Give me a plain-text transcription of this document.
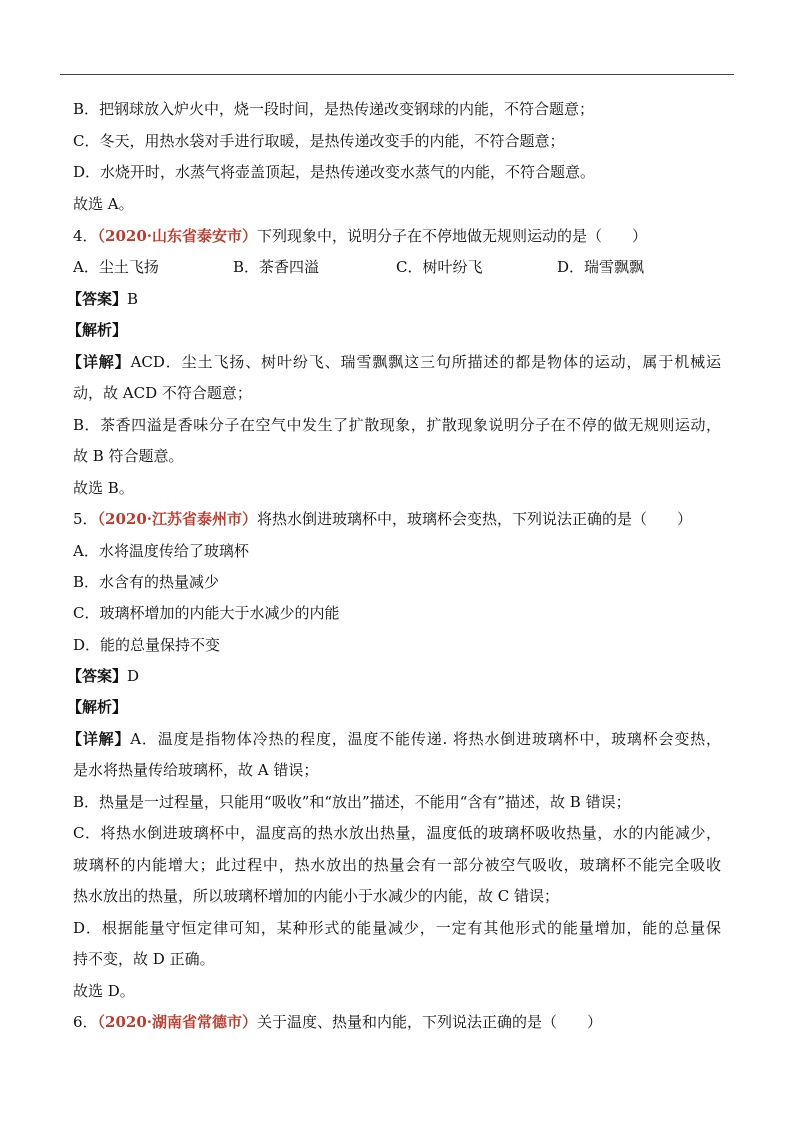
B．把钢球放入炉火中，烧一段时间，是热传递改变钢球的内能，不符合题意；
C．冬天，用热水袋对手进行取暖，是热传递改变手的内能，不符合题意；
D．水烧开时，水蒸气将壶盖顶起，是热传递改变水蒸气的内能，不符合题意。
故选 A。
4．（2020·山东省泰安市）下列现象中，说明分子在不停地做无规则运动的是（　　）
A．尘土飞扬	B．茶香四溢	C．树叶纷飞	D．瑞雪飘飘
【答案】B
【解析】
【详解】ACD．尘土飞扬、树叶纷飞、瑞雪飘飘这三句所描述的都是物体的运动，属于机械运
动，故 ACD 不符合题意；
B．茶香四溢是香味分子在空气中发生了扩散现象，扩散现象说明分子在不停的做无规则运动，
故 B 符合题意。
故选 B。
5．（2020·江苏省泰州市）将热水倒进玻璃杯中，玻璃杯会变热，下列说法正确的是（　　）
A．水将温度传给了玻璃杯
B．水含有的热量减少
C．玻璃杯增加的内能大于水减少的内能
D．能的总量保持不变
【答案】D
【解析】
【详解】A．温度是指物体冷热的程度，温度不能传递. 将热水倒进玻璃杯中，玻璃杯会变热，
是水将热量传给玻璃杯，故 A 错误；
B．热量是一过程量，只能用“吸收”和“放出”描述，不能用“含有”描述，故 B 错误；
C．将热水倒进玻璃杯中，温度高的热水放出热量，温度低的玻璃杯吸收热量，水的内能减少，
玻璃杯的内能增大；此过程中，热水放出的热量会有一部分被空气吸收，玻璃杯不能完全吸收
热水放出的热量，所以玻璃杯增加的内能小于水减少的内能，故 C 错误；
D．根据能量守恒定律可知，某种形式的能量减少，一定有其他形式的能量增加，能的总量保
持不变，故 D 正确。
故选 D。
6．（2020·湖南省常德市）关于温度、热量和内能，下列说法正确的是（　　）
